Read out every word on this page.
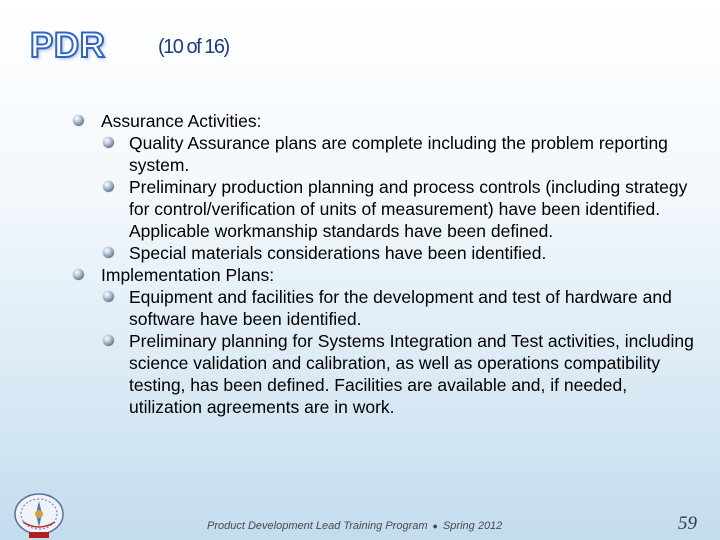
PDR	(10 of 16)
Assurance Activities:
Quality Assurance plans are complete including the problem reporting system.
Preliminary production planning and process controls (including strategy for control/verification of units of measurement) have been identified. Applicable workmanship standards have been defined.
Special materials considerations have been identified.
Implementation Plans:
Equipment and facilities for the development and test of hardware and software have been identified.
Preliminary planning for Systems Integration and Test activities, including science validation and calibration, as well as operations compatibility testing, has been defined. Facilities are available and, if needed, utilization agreements are in work.
Product Development Lead Training Program ● Spring 2012	59
